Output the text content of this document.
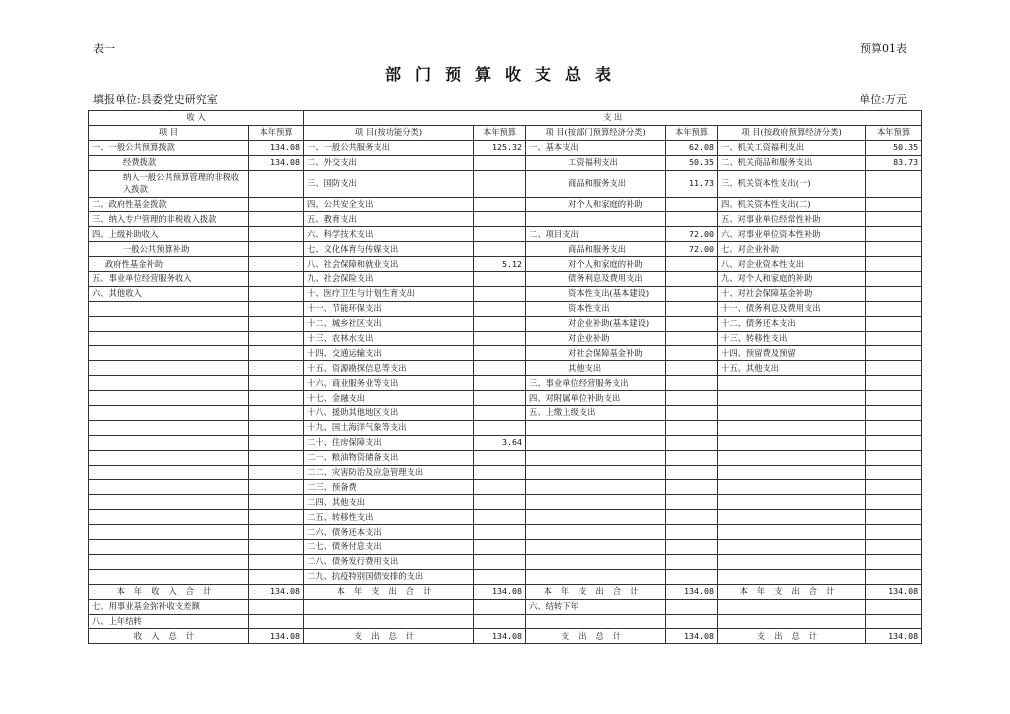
表一	预算01表
部门预算收支总表
填报单位:县委党史研究室	单位:万元
收 入		支 出					
项 目	本年预算	项 目(按功能分类)	本年预算	项 目(按部门预算经济分类)	本年预算	项 目(按政府预算经济分类)	本年预算
一、一般公共预算拨款	134.08	一、一般公共服务支出	125.32	一、基本支出	62.08	一、机关工资福利支出	50.35
经费拨款	134.08	二、外交支出		工资福利支出	50.35	二、机关商品和服务支出	83.73
纳入一般公共预算管理的非税收入拨款		三、国防支出		商品和服务支出	11.73	三、机关资本性支出(一)	
二、政府性基金拨款		四、公共安全支出		对个人和家庭的补助		四、机关资本性支出(二)	
三、纳入专户管理的非税收入拨款		五、教育支出				五、对事业单位经常性补助	
四、上级补助收入		六、科学技术支出		二、项目支出	72.00	六、对事业单位资本性补助	
一般公共预算补助		七、文化体育与传媒支出		商品和服务支出	72.00	七、对企业补助	
政府性基金补助		八、社会保障和就业支出	5.12	对个人和家庭的补助		八、对企业资本性支出	
五、事业单位经营服务收入		九、社会保险支出		债务利息及费用支出		九、对个人和家庭的补助	
六、其他收入		十、医疗卫生与计划生育支出		资本性支出(基本建设)		十、对社会保障基金补助	
		十一、节能环保支出		资本性支出		十一、债务利息及费用支出	
		十二、城乡社区支出		对企业补助(基本建设)		十二、债务还本支出	
		十三、农林水支出		对企业补助		十三、转移性支出	
		十四、交通运输支出		对社会保障基金补助		十四、预留费及预留	
		十五、资源勘探信息等支出		其他支出		十五、其他支出	
		十六、商业服务业等支出		三、事业单位经营服务支出			
		十七、金融支出		四、对附属单位补助支出			
		十八、援助其他地区支出		五、上缴上级支出			
		十九、国土海洋气象等支出					
		二十、住房保障支出	3.64				
		二一、粮油物资储备支出					
		二二、灾害防治及应急管理支出					
		二三、预备费					
		二四、其他支出					
		二五、转移性支出					
		二六、债务还本支出					
		二七、债务付息支出					
		二八、债务发行费用支出					
		二九、抗疫特别国债安排的支出					
本年收入合计	134.08	本年支出合计	134.08	本年支出合计	134.08	本年支出合计	134.08
七、用事业基金弥补收支差额				六、结转下年			
八、上年结转							
收入总计	134.08	支出总计	134.08	支出总计	134.08	支出总计	134.08
